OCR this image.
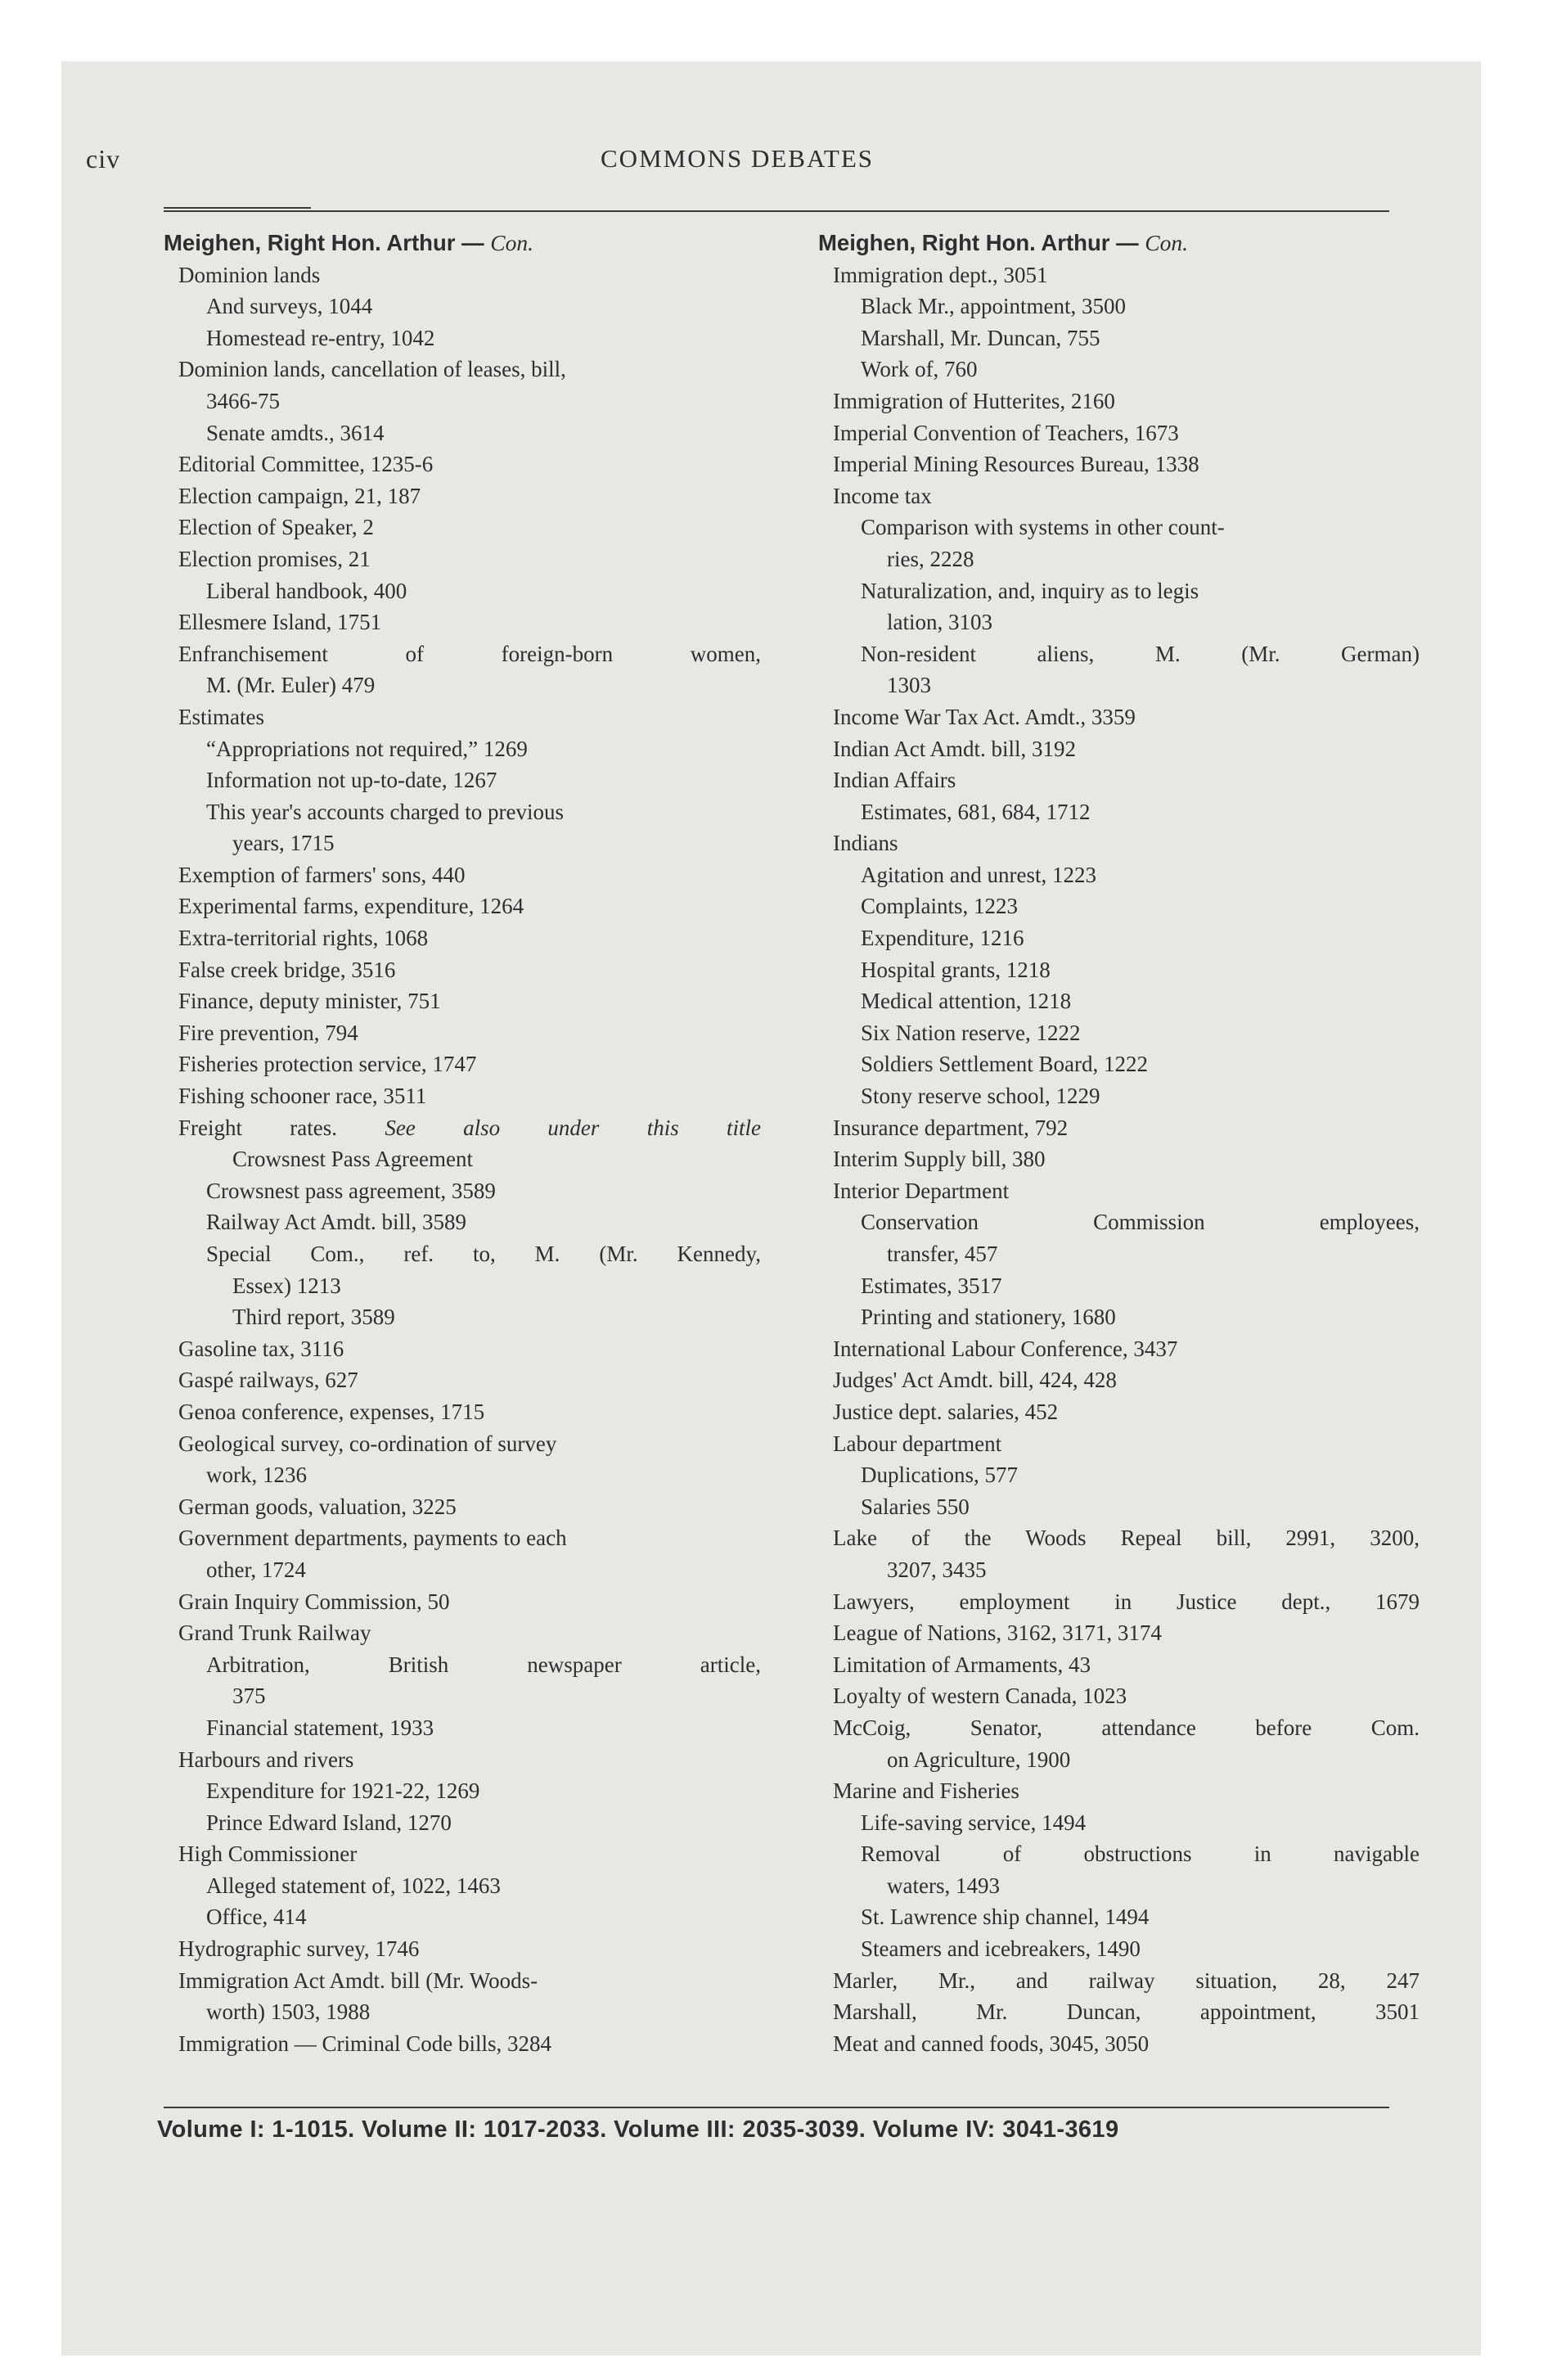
civ	COMMONS DEBATES
Meighen, Right Hon. Arthur — Con.
Dominion lands
And surveys, 1044
Homestead re-entry, 1042
Dominion lands, cancellation of leases, bill,
3466-75
Senate amdts., 3614
Editorial Committee, 1235-6
Election campaign, 21, 187
Election of Speaker, 2
Election promises, 21
Liberal handbook, 400
Ellesmere Island, 1751
Enfranchisement of foreign-born women,
M. (Mr. Euler) 479
Estimates
“Appropriations not required,” 1269
Information not up-to-date, 1267
This year's accounts charged to previous
years, 1715
Exemption of farmers' sons, 440
Experimental farms, expenditure, 1264
Extra-territorial rights, 1068
False creek bridge, 3516
Finance, deputy minister, 751
Fire prevention, 794
Fisheries protection service, 1747
Fishing schooner race, 3511
Freight rates. See also under this title
Crowsnest Pass Agreement
Crowsnest pass agreement, 3589
Railway Act Amdt. bill, 3589
Special Com., ref. to, M. (Mr. Kennedy,
Essex) 1213
Third report, 3589
Gasoline tax, 3116
Gaspé railways, 627
Genoa conference, expenses, 1715
Geological survey, co-ordination of survey
work, 1236
German goods, valuation, 3225
Government departments, payments to each
other, 1724
Grain Inquiry Commission, 50
Grand Trunk Railway
Arbitration, British newspaper article,
375
Financial statement, 1933
Harbours and rivers
Expenditure for 1921-22, 1269
Prince Edward Island, 1270
High Commissioner
Alleged statement of, 1022, 1463
Office, 414
Hydrographic survey, 1746
Immigration Act Amdt. bill (Mr. Woods-
worth) 1503, 1988
Immigration — Criminal Code bills, 3284
Meighen, Right Hon. Arthur — Con.
Immigration dept., 3051
Black Mr., appointment, 3500
Marshall, Mr. Duncan, 755
Work of, 760
Immigration of Hutterites, 2160
Imperial Convention of Teachers, 1673
Imperial Mining Resources Bureau, 1338
Income tax
Comparison with systems in other count-
ries, 2228
Naturalization, and, inquiry as to legis
lation, 3103
Non-resident aliens, M. (Mr. German)
1303
Income War Tax Act. Amdt., 3359
Indian Act Amdt. bill, 3192
Indian Affairs
Estimates, 681, 684, 1712
Indians
Agitation and unrest, 1223
Complaints, 1223
Expenditure, 1216
Hospital grants, 1218
Medical attention, 1218
Six Nation reserve, 1222
Soldiers Settlement Board, 1222
Stony reserve school, 1229
Insurance department, 792
Interim Supply bill, 380
Interior Department
Conservation Commission employees,
transfer, 457
Estimates, 3517
Printing and stationery, 1680
International Labour Conference, 3437
Judges' Act Amdt. bill, 424, 428
Justice dept. salaries, 452
Labour department
Duplications, 577
Salaries 550
Lake of the Woods Repeal bill, 2991, 3200,
3207, 3435
Lawyers, employment in Justice dept., 1679
League of Nations, 3162, 3171, 3174
Limitation of Armaments, 43
Loyalty of western Canada, 1023
McCoig, Senator, attendance before Com.
on Agriculture, 1900
Marine and Fisheries
Life-saving service, 1494
Removal of obstructions in navigable
waters, 1493
St. Lawrence ship channel, 1494
Steamers and icebreakers, 1490
Marler, Mr., and railway situation, 28, 247
Marshall, Mr. Duncan, appointment, 3501
Meat and canned foods, 3045, 3050
Volume I: 1-1015. Volume II: 1017-2033. Volume III: 2035-3039. Volume IV: 3041-3619
